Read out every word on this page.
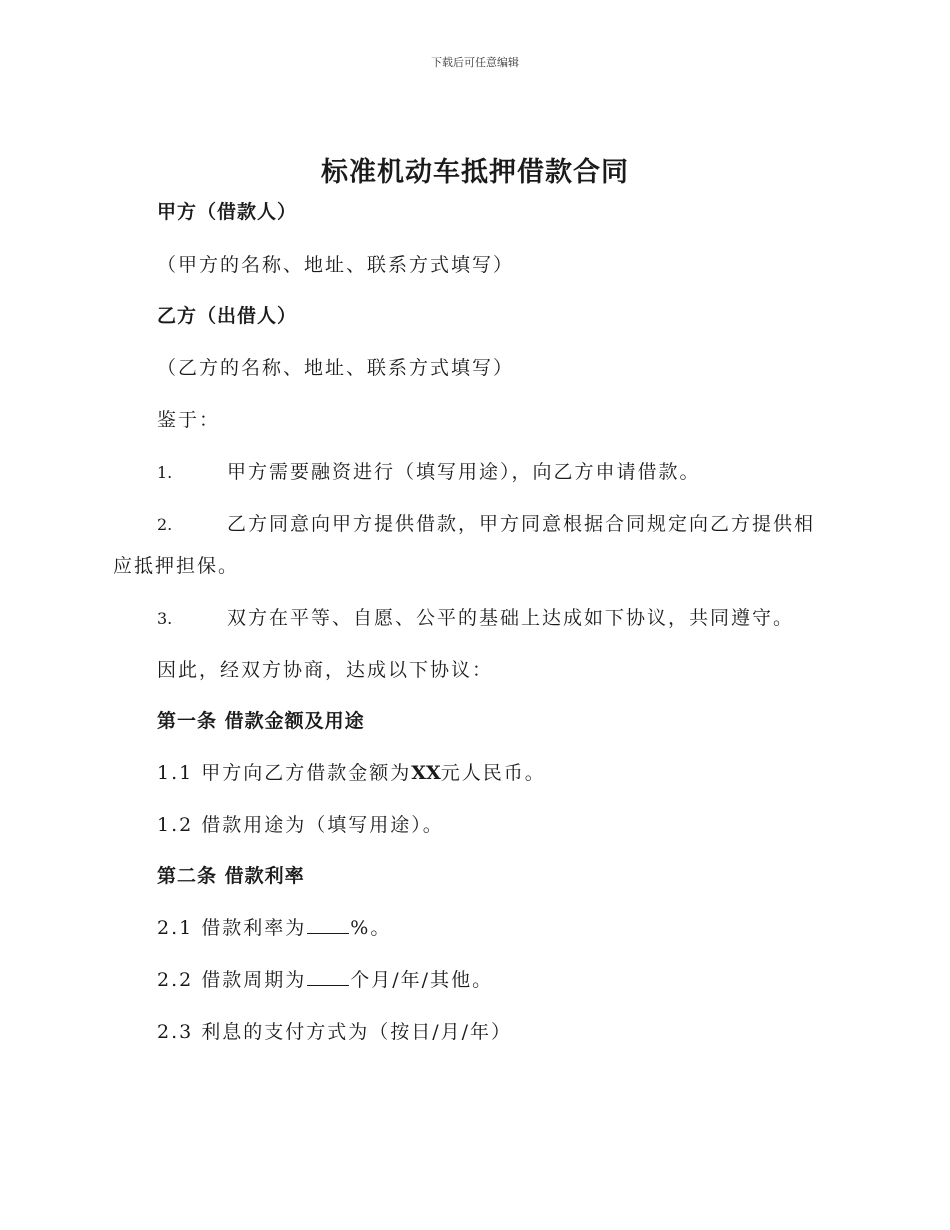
下载后可任意编辑
标准机动车抵押借款合同
甲方（借款人）
（甲方的名称、地址、联系方式填写）
乙方（出借人）
（乙方的名称、地址、联系方式填写）
鉴于：
1.	甲方需要融资进行（填写用途），向乙方申请借款。
2.	乙方同意向甲方提供借款，甲方同意根据合同规定向乙方提供相
应抵押担保。
3.	双方在平等、自愿、公平的基础上达成如下协议，共同遵守。
因此，经双方协商，达成以下协议：
第一条 借款金额及用途
1.1 甲方向乙方借款金额为XX元人民币。
1.2 借款用途为（填写用途）。
第二条 借款利率
2.1 借款利率为 %。
2.2 借款周期为 个月/年/其他。
2.3 利息的支付方式为（按日/月/年）
